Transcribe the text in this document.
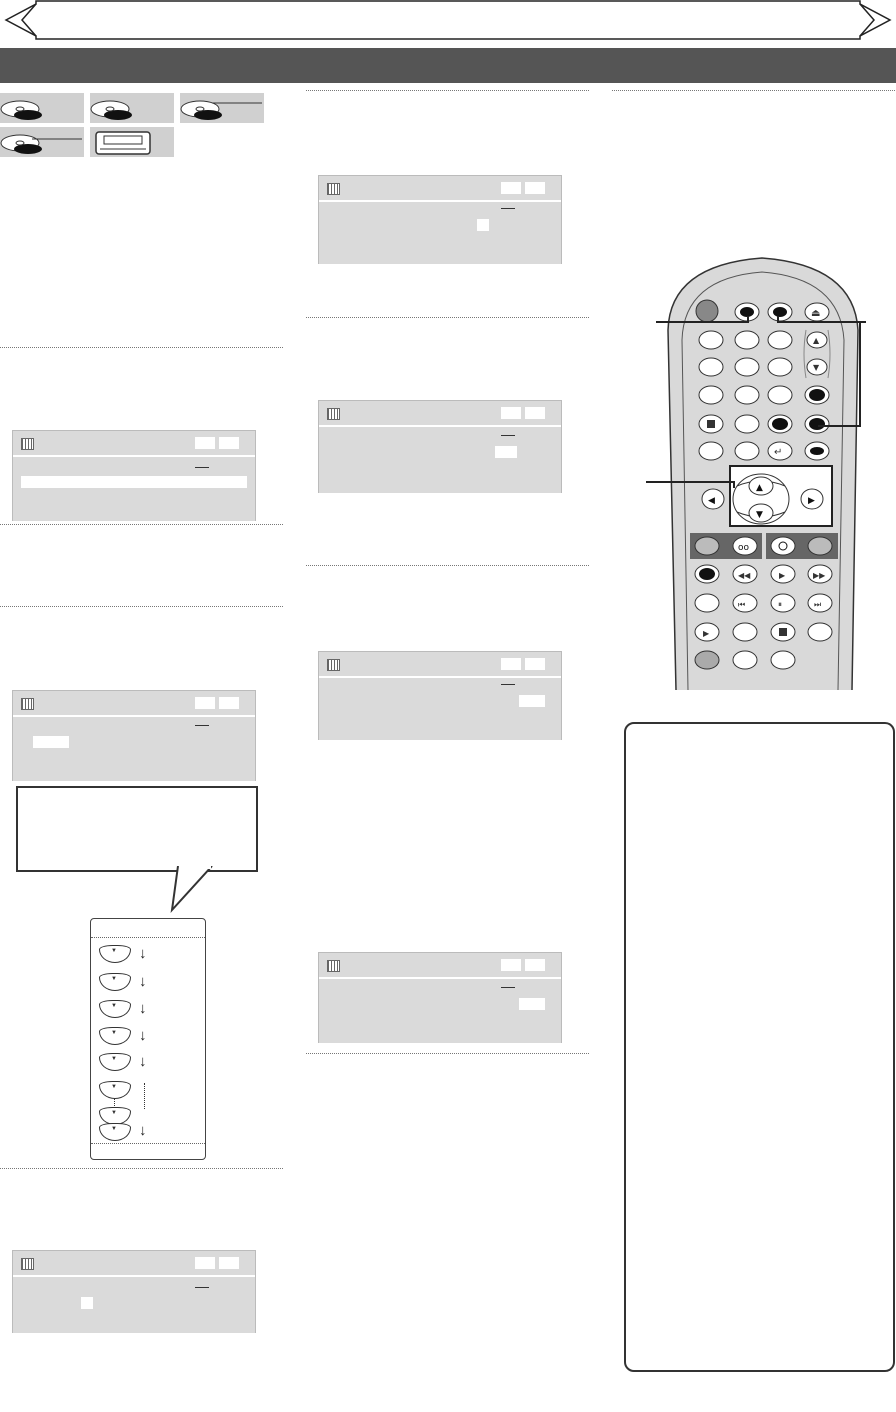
▼
↓
▼
↓
▼
↓
▼
↓
▼
↓
▼
▼
▼
↓
⏏
▲
▼
↵
▲
▼
◀	▶
oo
◀◀	▶	▶▶
⏮	⏸	⏭
▶
